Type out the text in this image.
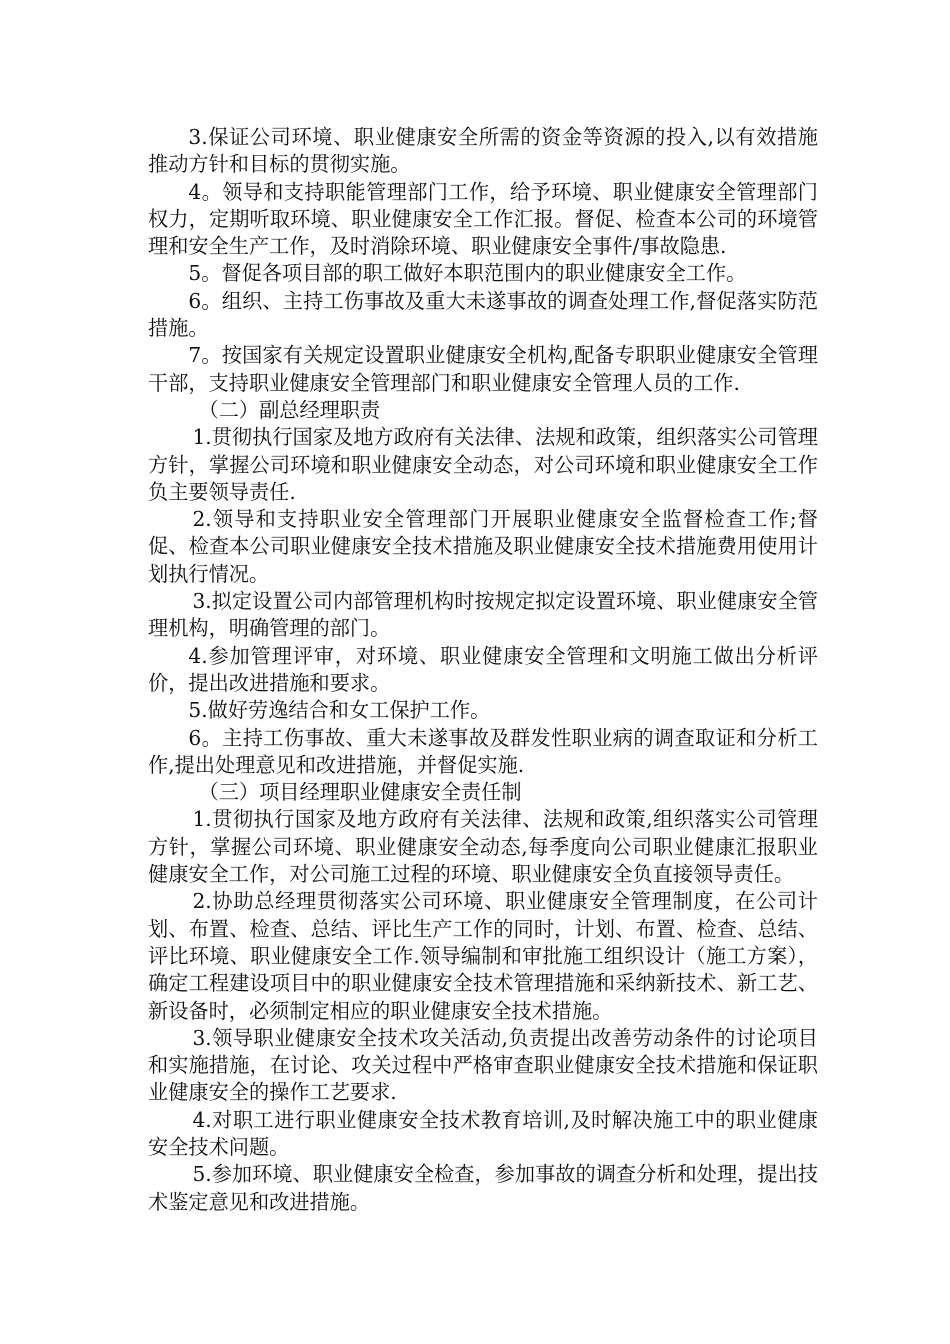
3.保证公司环境、职业健康安全所需的资金等资源的投入,以有效措施推动方针和目标的贯彻实施。

4。领导和支持职能管理部门工作，给予环境、职业健康安全管理部门权力，定期听取环境、职业健康安全工作汇报。督促、检查本公司的环境管理和安全生产工作，及时消除环境、职业健康安全事件/事故隐患.

5。督促各项目部的职工做好本职范围内的职业健康安全工作。

6。组织、主持工伤事故及重大未遂事故的调查处理工作,督促落实防范措施。

7。按国家有关规定设置职业健康安全机构,配备专职职业健康安全管理干部，支持职业健康安全管理部门和职业健康安全管理人员的工作.

（二）副总经理职责

1.贯彻执行国家及地方政府有关法律、法规和政策，组织落实公司管理方针，掌握公司环境和职业健康安全动态，对公司环境和职业健康安全工作负主要领导责任.

2.领导和支持职业安全管理部门开展职业健康安全监督检查工作;督促、检查本公司职业健康安全技术措施及职业健康安全技术措施费用使用计划执行情况。

3.拟定设置公司内部管理机构时按规定拟定设置环境、职业健康安全管理机构，明确管理的部门。

4.参加管理评审，对环境、职业健康安全管理和文明施工做出分析评价，提出改进措施和要求。

5.做好劳逸结合和女工保护工作。

6。主持工伤事故、重大未遂事故及群发性职业病的调查取证和分析工作,提出处理意见和改进措施，并督促实施.

（三）项目经理职业健康安全责任制

1.贯彻执行国家及地方政府有关法律、法规和政策,组织落实公司管理方针，掌握公司环境、职业健康安全动态,每季度向公司职业健康汇报职业健康安全工作，对公司施工过程的环境、职业健康安全负直接领导责任。

2.协助总经理贯彻落实公司环境、职业健康安全管理制度，在公司计划、布置、检查、总结、评比生产工作的同时，计划、布置、检查、总结、评比环境、职业健康安全工作.领导编制和审批施工组织设计（施工方案），确定工程建设项目中的职业健康安全技术管理措施和采纳新技术、新工艺、新设备时，必须制定相应的职业健康安全技术措施。

3.领导职业健康安全技术攻关活动,负责提出改善劳动条件的讨论项目和实施措施，在讨论、攻关过程中严格审查职业健康安全技术措施和保证职业健康安全的操作工艺要求.

4.对职工进行职业健康安全技术教育培训,及时解决施工中的职业健康安全技术问题。

5.参加环境、职业健康安全检查，参加事故的调查分析和处理，提出技术鉴定意见和改进措施。
